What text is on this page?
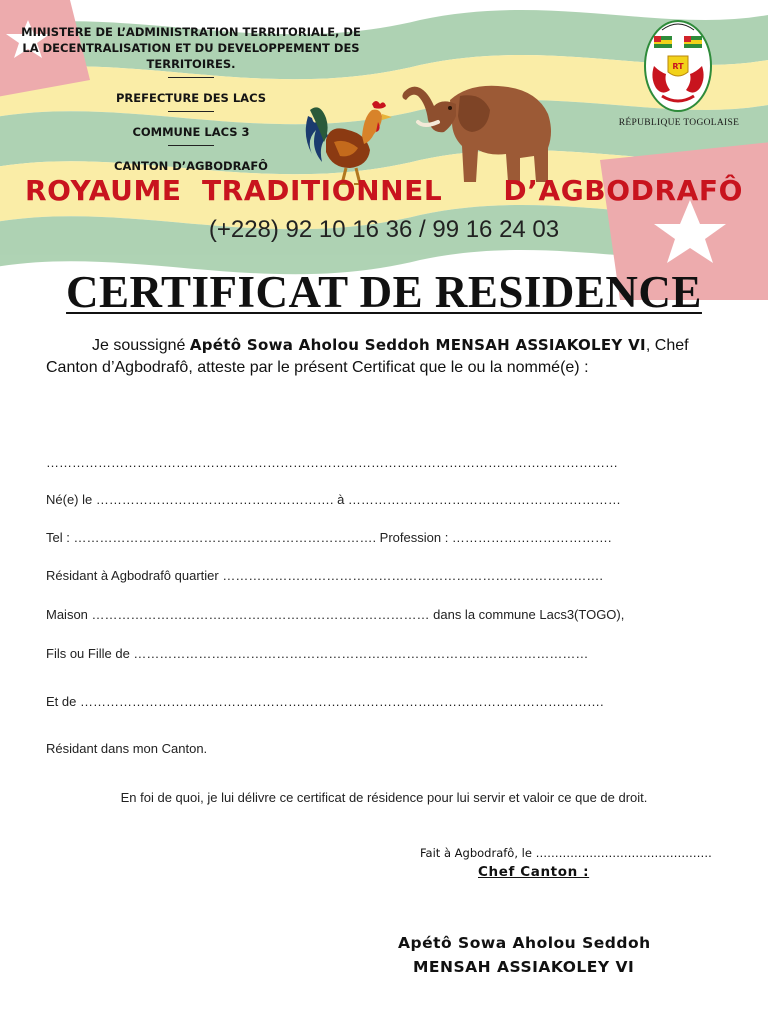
MINISTERE DE L’ADMINISTRATION TERRITORIALE, DE
LA DECENTRALISATION ET DU DEVELOPPEMENT DES
TERRITOIRES.
PREFECTURE DES LACS
COMMUNE LACS 3
CANTON D’AGBODRAFÔ
RT
RÉPUBLIQUE TOGOLAISE
ROYAUME TRADITIONNEL   D’AGBODRAFÔ
(+228) 92 10 16 36 / 99 16 24 03
CERTIFICAT DE RESIDENCE
Je soussigné Apétô Sowa Aholou Seddoh MENSAH ASSIAKOLEY VI, Chef Canton d’Agbodrafô, atteste par le présent Certificat que le ou la nommé(e) :
……………………………………………………………………………………………………………………
Né(e) le ………………………………………………. à ………………………………………………………
Tel : ……………………………………………………………. Profession : ……………………………….
Résidant à Agbodrafô quartier …………………………………………………………………………….
Maison …………………………………………………………………… dans la commune Lacs3(TOGO),
Fils ou Fille de ……………………………………………………………………………………………
Et de ………………………………………………………………………………………………………….
Résidant dans mon Canton.
En foi de quoi, je lui délivre ce certificat de résidence pour lui servir et valoir ce que de droit.
Fait à Agbodrafô, le ……………………………………….
Chef Canton :
Apétô Sowa Aholou Seddoh
MENSAH ASSIAKOLEY VI
